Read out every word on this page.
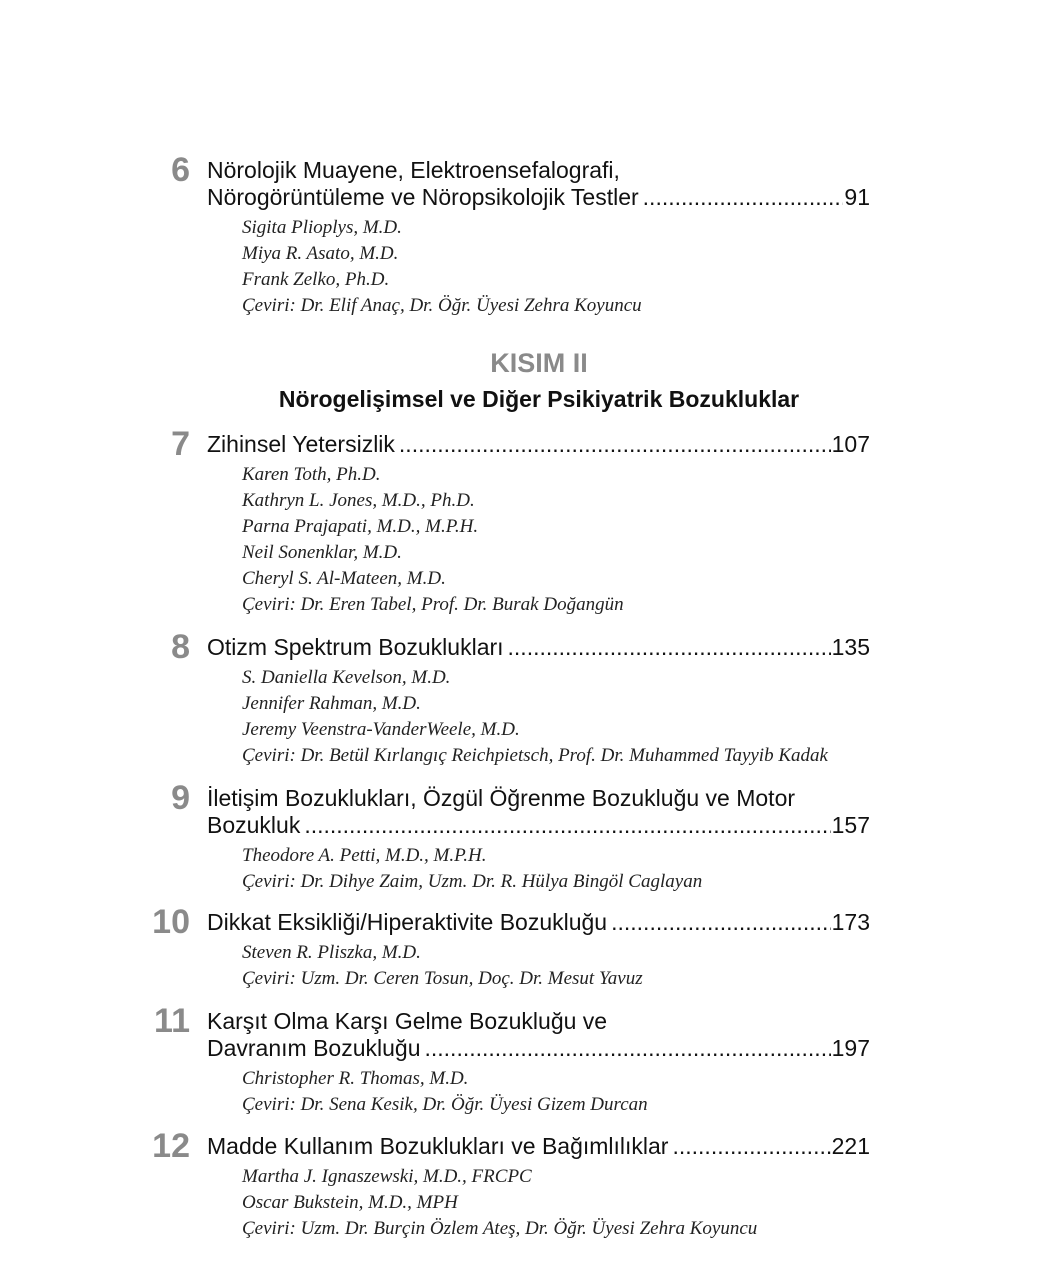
6 Nörolojik Muayene, Elektroensefalografi,
Nörogörüntüleme ve Nöropsikolojik Testler .....	91
Sigita Plioplys, M.D.
Miya R. Asato, M.D.
Frank Zelko, Ph.D.
Çeviri: Dr. Elif Anaç, Dr. Öğr. Üyesi Zehra Koyuncu
KISIM II
Nörogelişimsel ve Diğer Psikiyatrik Bozukluklar
7 Zihinsel Yetersizlik .....	107
Karen Toth, Ph.D.
Kathryn L. Jones, M.D., Ph.D.
Parna Prajapati, M.D., M.P.H.
Neil Sonenklar, M.D.
Cheryl S. Al-Mateen, M.D.
Çeviri: Dr. Eren Tabel, Prof. Dr. Burak Doğangün
8 Otizm Spektrum Bozuklukları .....	135
S. Daniella Kevelson, M.D.
Jennifer Rahman, M.D.
Jeremy Veenstra-VanderWeele, M.D.
Çeviri: Dr. Betül Kırlangıç Reichpietsch, Prof. Dr. Muhammed Tayyib Kadak
9 İletişim Bozuklukları, Özgül Öğrenme Bozukluğu ve Motor
Bozukluk .....	157
Theodore A. Petti, M.D., M.P.H.
Çeviri: Dr. Dihye Zaim, Uzm. Dr. R. Hülya Bingöl Caglayan
10 Dikkat Eksikliği/Hiperaktivite Bozukluğu .....	173
Steven R. Pliszka, M.D.
Çeviri: Uzm. Dr. Ceren Tosun, Doç. Dr. Mesut Yavuz
11 Karşıt Olma Karşı Gelme Bozukluğu ve
Davranım Bozukluğu .....	197
Christopher R. Thomas, M.D.
Çeviri: Dr. Sena Kesik, Dr. Öğr. Üyesi Gizem Durcan
12 Madde Kullanım Bozuklukları ve Bağımlılıklar .....	221
Martha J. Ignaszewski, M.D., FRCPC
Oscar Bukstein, M.D., MPH
Çeviri: Uzm. Dr. Burçin Özlem Ateş, Dr. Öğr. Üyesi Zehra Koyuncu
